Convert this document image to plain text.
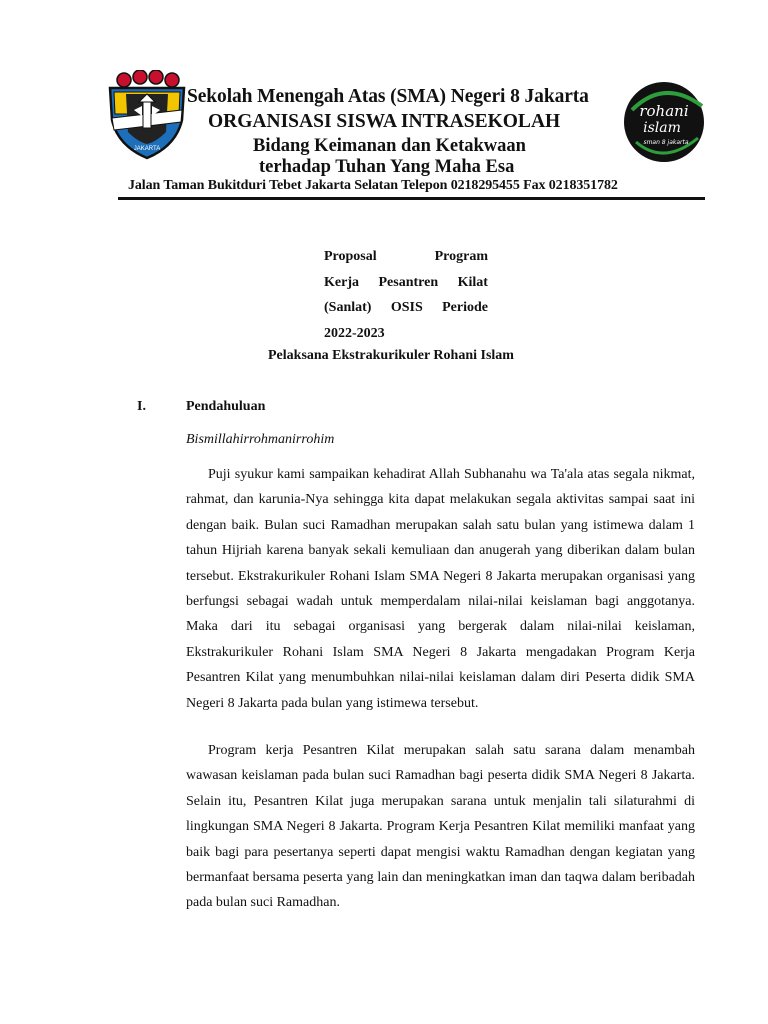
JAKARTA
rohani
islam
sman 8 jakarta
Sekolah Menengah Atas (SMA) Negeri 8 Jakarta
ORGANISASI SISWA INTRASEKOLAH
Bidang Keimanan dan Ketakwaan
terhadap Tuhan Yang Maha Esa
Jalan Taman Bukitduri Tebet Jakarta Selatan Telepon 0218295455 Fax 0218351782
Proposal	Program
Kerja Pesantren Kilat
(Sanlat) OSIS Periode
2022-2023
Pelaksana Ekstrakurikuler Rohani Islam
I.	Pendahuluan
Bismillahirrohmanirrohim

Puji syukur kami sampaikan kehadirat Allah Subhanahu wa Ta'ala atas segala nikmat, rahmat, dan karunia-Nya sehingga kita dapat melakukan segala aktivitas sampai saat ini dengan baik. Bulan suci Ramadhan merupakan salah satu bulan yang istimewa dalam 1 tahun Hijriah karena banyak sekali kemuliaan dan anugerah yang diberikan dalam bulan tersebut. Ekstrakurikuler Rohani Islam SMA Negeri 8 Jakarta merupakan organisasi yang berfungsi sebagai wadah untuk memperdalam nilai-nilai keislaman bagi anggotanya. Maka dari itu sebagai organisasi yang bergerak dalam nilai-nilai keislaman, Ekstrakurikuler Rohani Islam SMA Negeri 8 Jakarta mengadakan Program Kerja Pesantren Kilat yang menumbuhkan nilai-nilai keislaman dalam diri Peserta didik SMA Negeri 8 Jakarta pada bulan yang istimewa tersebut.

Program kerja Pesantren Kilat merupakan salah satu sarana dalam menambah wawasan keislaman pada bulan suci Ramadhan bagi peserta didik SMA Negeri 8 Jakarta. Selain itu, Pesantren Kilat juga merupakan sarana untuk menjalin tali silaturahmi di lingkungan SMA Negeri 8 Jakarta. Program Kerja Pesantren Kilat memiliki manfaat yang baik bagi para pesertanya seperti dapat mengisi waktu Ramadhan dengan kegiatan yang bermanfaat bersama peserta yang lain dan meningkatkan iman dan taqwa dalam beribadah pada bulan suci Ramadhan.
